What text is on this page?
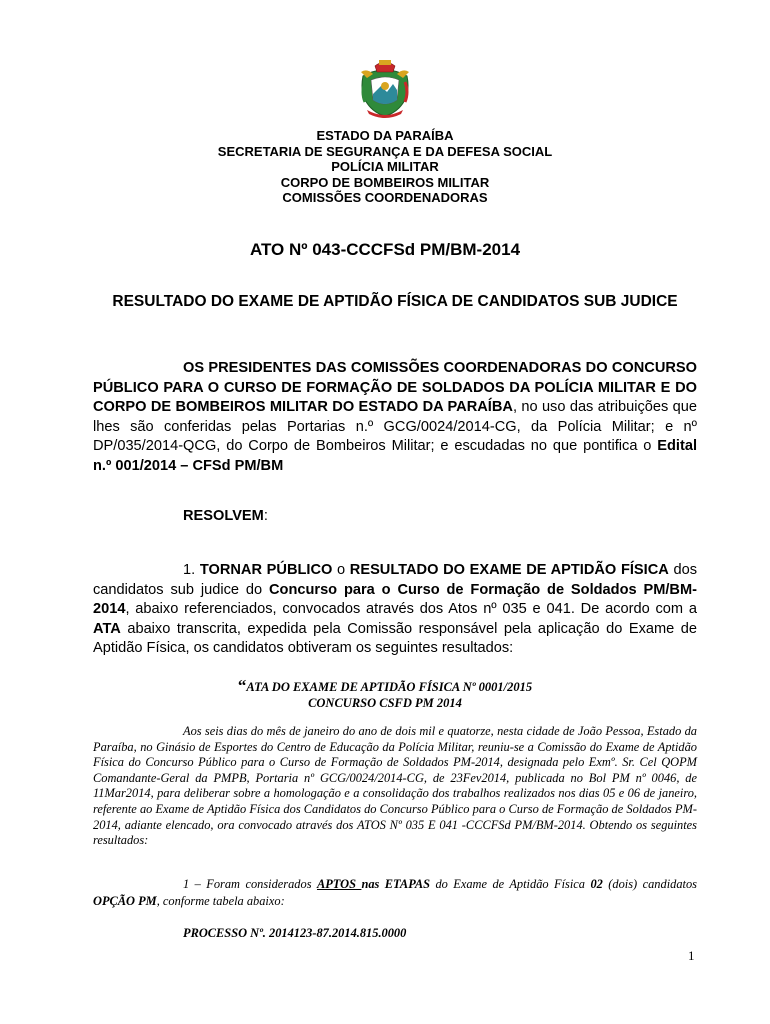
ESTADO DA PARAÍBA
SECRETARIA DE SEGURANÇA E DA DEFESA SOCIAL
POLÍCIA MILITAR
CORPO DE BOMBEIROS MILITAR
COMISSÕES COORDENADORAS
ATO Nº 043-CCCFSd PM/BM-2014
RESULTADO DO EXAME DE APTIDÃO FÍSICA DE CANDIDATOS SUB JUDICE
OS PRESIDENTES DAS COMISSÕES COORDENADORAS DO CONCURSO PÚBLICO PARA O CURSO DE FORMAÇÃO DE SOLDADOS DA POLÍCIA MILITAR E DO CORPO DE BOMBEIROS MILITAR DO ESTADO DA PARAÍBA, no uso das atribuições que lhes são conferidas pelas Portarias n.º GCG/0024/2014-CG, da Polícia Militar; e nº DP/035/2014-QCG, do Corpo de Bombeiros Militar; e escudadas no que pontifica o Edital n.º 001/2014 – CFSd PM/BM
RESOLVEM:
1. TORNAR PÚBLICO o RESULTADO DO EXAME DE APTIDÃO FÍSICA dos candidatos sub judice do Concurso para o Curso de Formação de Soldados PM/BM-2014, abaixo referenciados, convocados através dos Atos nº 035 e 041. De acordo com a ATA abaixo transcrita, expedida pela Comissão responsável pela aplicação do Exame de Aptidão Física, os candidatos obtiveram os seguintes resultados:
“ATA DO EXAME DE APTIDÃO FÍSICA Nº 0001/2015
CONCURSO CSFD PM 2014
Aos seis dias do mês de janeiro do ano de dois mil e quatorze, nesta cidade de João Pessoa, Estado da Paraíba, no Ginásio de Esportes do Centro de Educação da Polícia Militar, reuniu-se a Comissão do Exame de Aptidão Física do Concurso Público para o Curso de Formação de Soldados PM-2014, designada pelo Exmº. Sr. Cel QOPM Comandante-Geral da PMPB, Portaria nº GCG/0024/2014-CG, de 23Fev2014, publicada no Bol PM nº 0046, de 11Mar2014, para deliberar sobre a homologação e a consolidação dos trabalhos realizados nos dias 05 e 06 de janeiro, referente ao Exame de Aptidão Física dos Candidatos do Concurso Público para o Curso de Formação de Soldados PM-2014, adiante elencado, ora convocado através dos ATOS Nº 035 E 041 -CCCFSd PM/BM-2014. Obtendo os seguintes resultados:
1 – Foram considerados APTOS nas ETAPAS do Exame de Aptidão Física 02 (dois) candidatos OPÇÃO PM, conforme tabela abaixo:
PROCESSO Nº. 2014123-87.2014.815.0000
1
